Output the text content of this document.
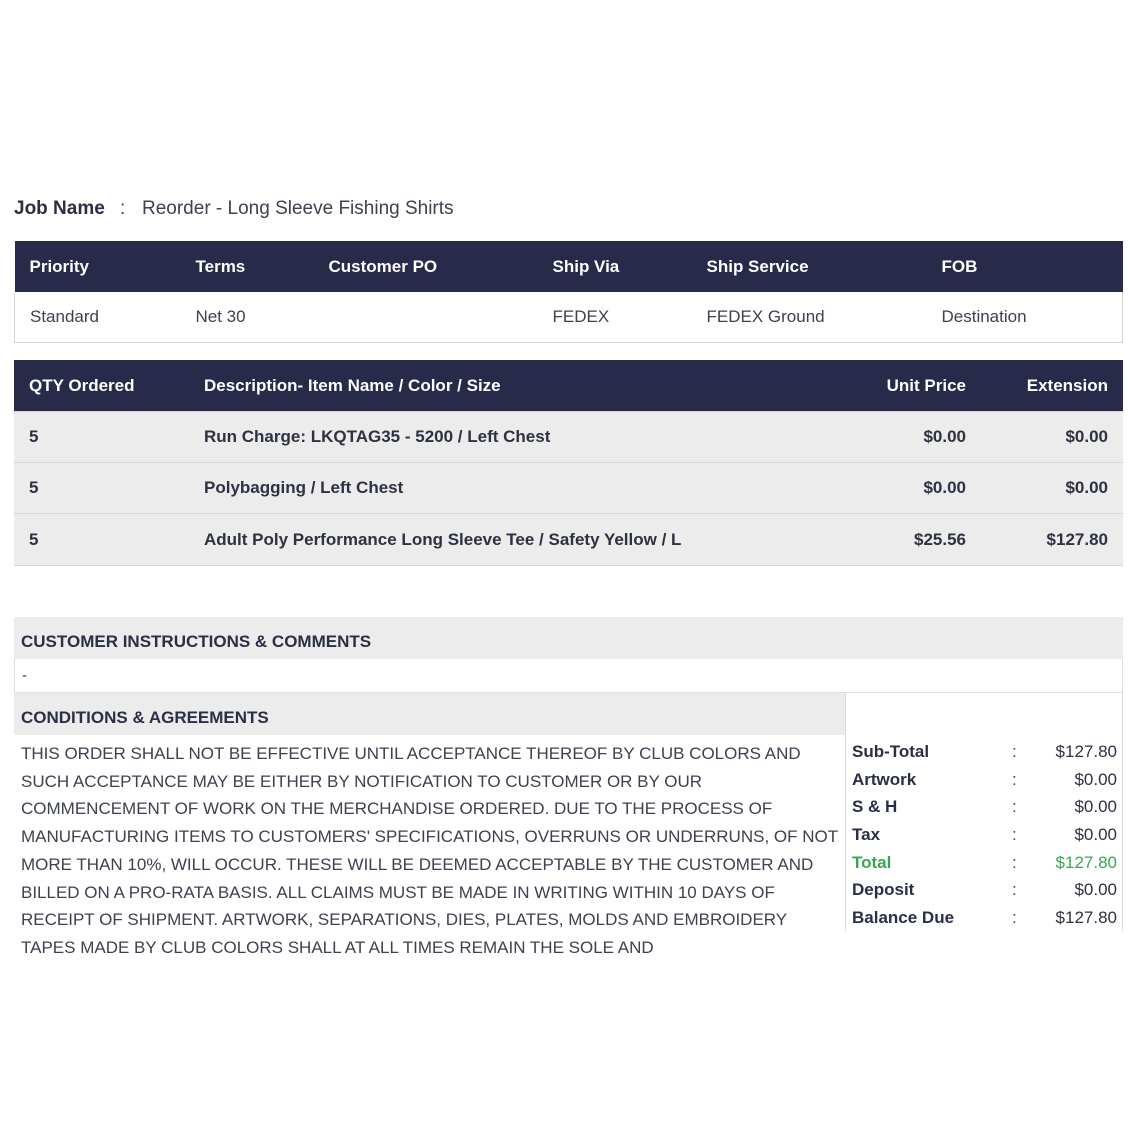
Job Name : Reorder - Long Sleeve Fishing Shirts
Priority	Terms	Customer PO	Ship Via	Ship Service	FOB
Standard	Net 30		FEDEX	FEDEX Ground	Destination
QTY Ordered	Description- Item Name / Color / Size	Unit Price	Extension
5	Run Charge: LKQTAG35 - 5200 / Left Chest	$0.00	$0.00
5	Polybagging / Left Chest	$0.00	$0.00
5	Adult Poly Performance Long Sleeve Tee / Safety Yellow / L	$25.56	$127.80
CUSTOMER INSTRUCTIONS & COMMENTS
-
CONDITIONS & AGREEMENTS
THIS ORDER SHALL NOT BE EFFECTIVE UNTIL ACCEPTANCE THEREOF BY CLUB COLORS AND SUCH ACCEPTANCE MAY BE EITHER BY NOTIFICATION TO CUSTOMER OR BY OUR COMMENCEMENT OF WORK ON THE MERCHANDISE ORDERED. DUE TO THE PROCESS OF MANUFACTURING ITEMS TO CUSTOMERS' SPECIFICATIONS, OVERRUNS OR UNDERRUNS, OF NOT MORE THAN 10%, WILL OCCUR. THESE WILL BE DEEMED ACCEPTABLE BY THE CUSTOMER AND BILLED ON A PRO-RATA BASIS. ALL CLAIMS MUST BE MADE IN WRITING WITHIN 10 DAYS OF RECEIPT OF SHIPMENT. ARTWORK, SEPARATIONS, DIES, PLATES, MOLDS AND EMBROIDERY TAPES MADE BY CLUB COLORS SHALL AT ALL TIMES REMAIN THE SOLE AND
Sub-Total	:	$127.80
Artwork	:	$0.00
S & H	:	$0.00
Tax	:	$0.00
Total	:	$127.80
Deposit	:	$0.00
Balance Due	:	$127.80
